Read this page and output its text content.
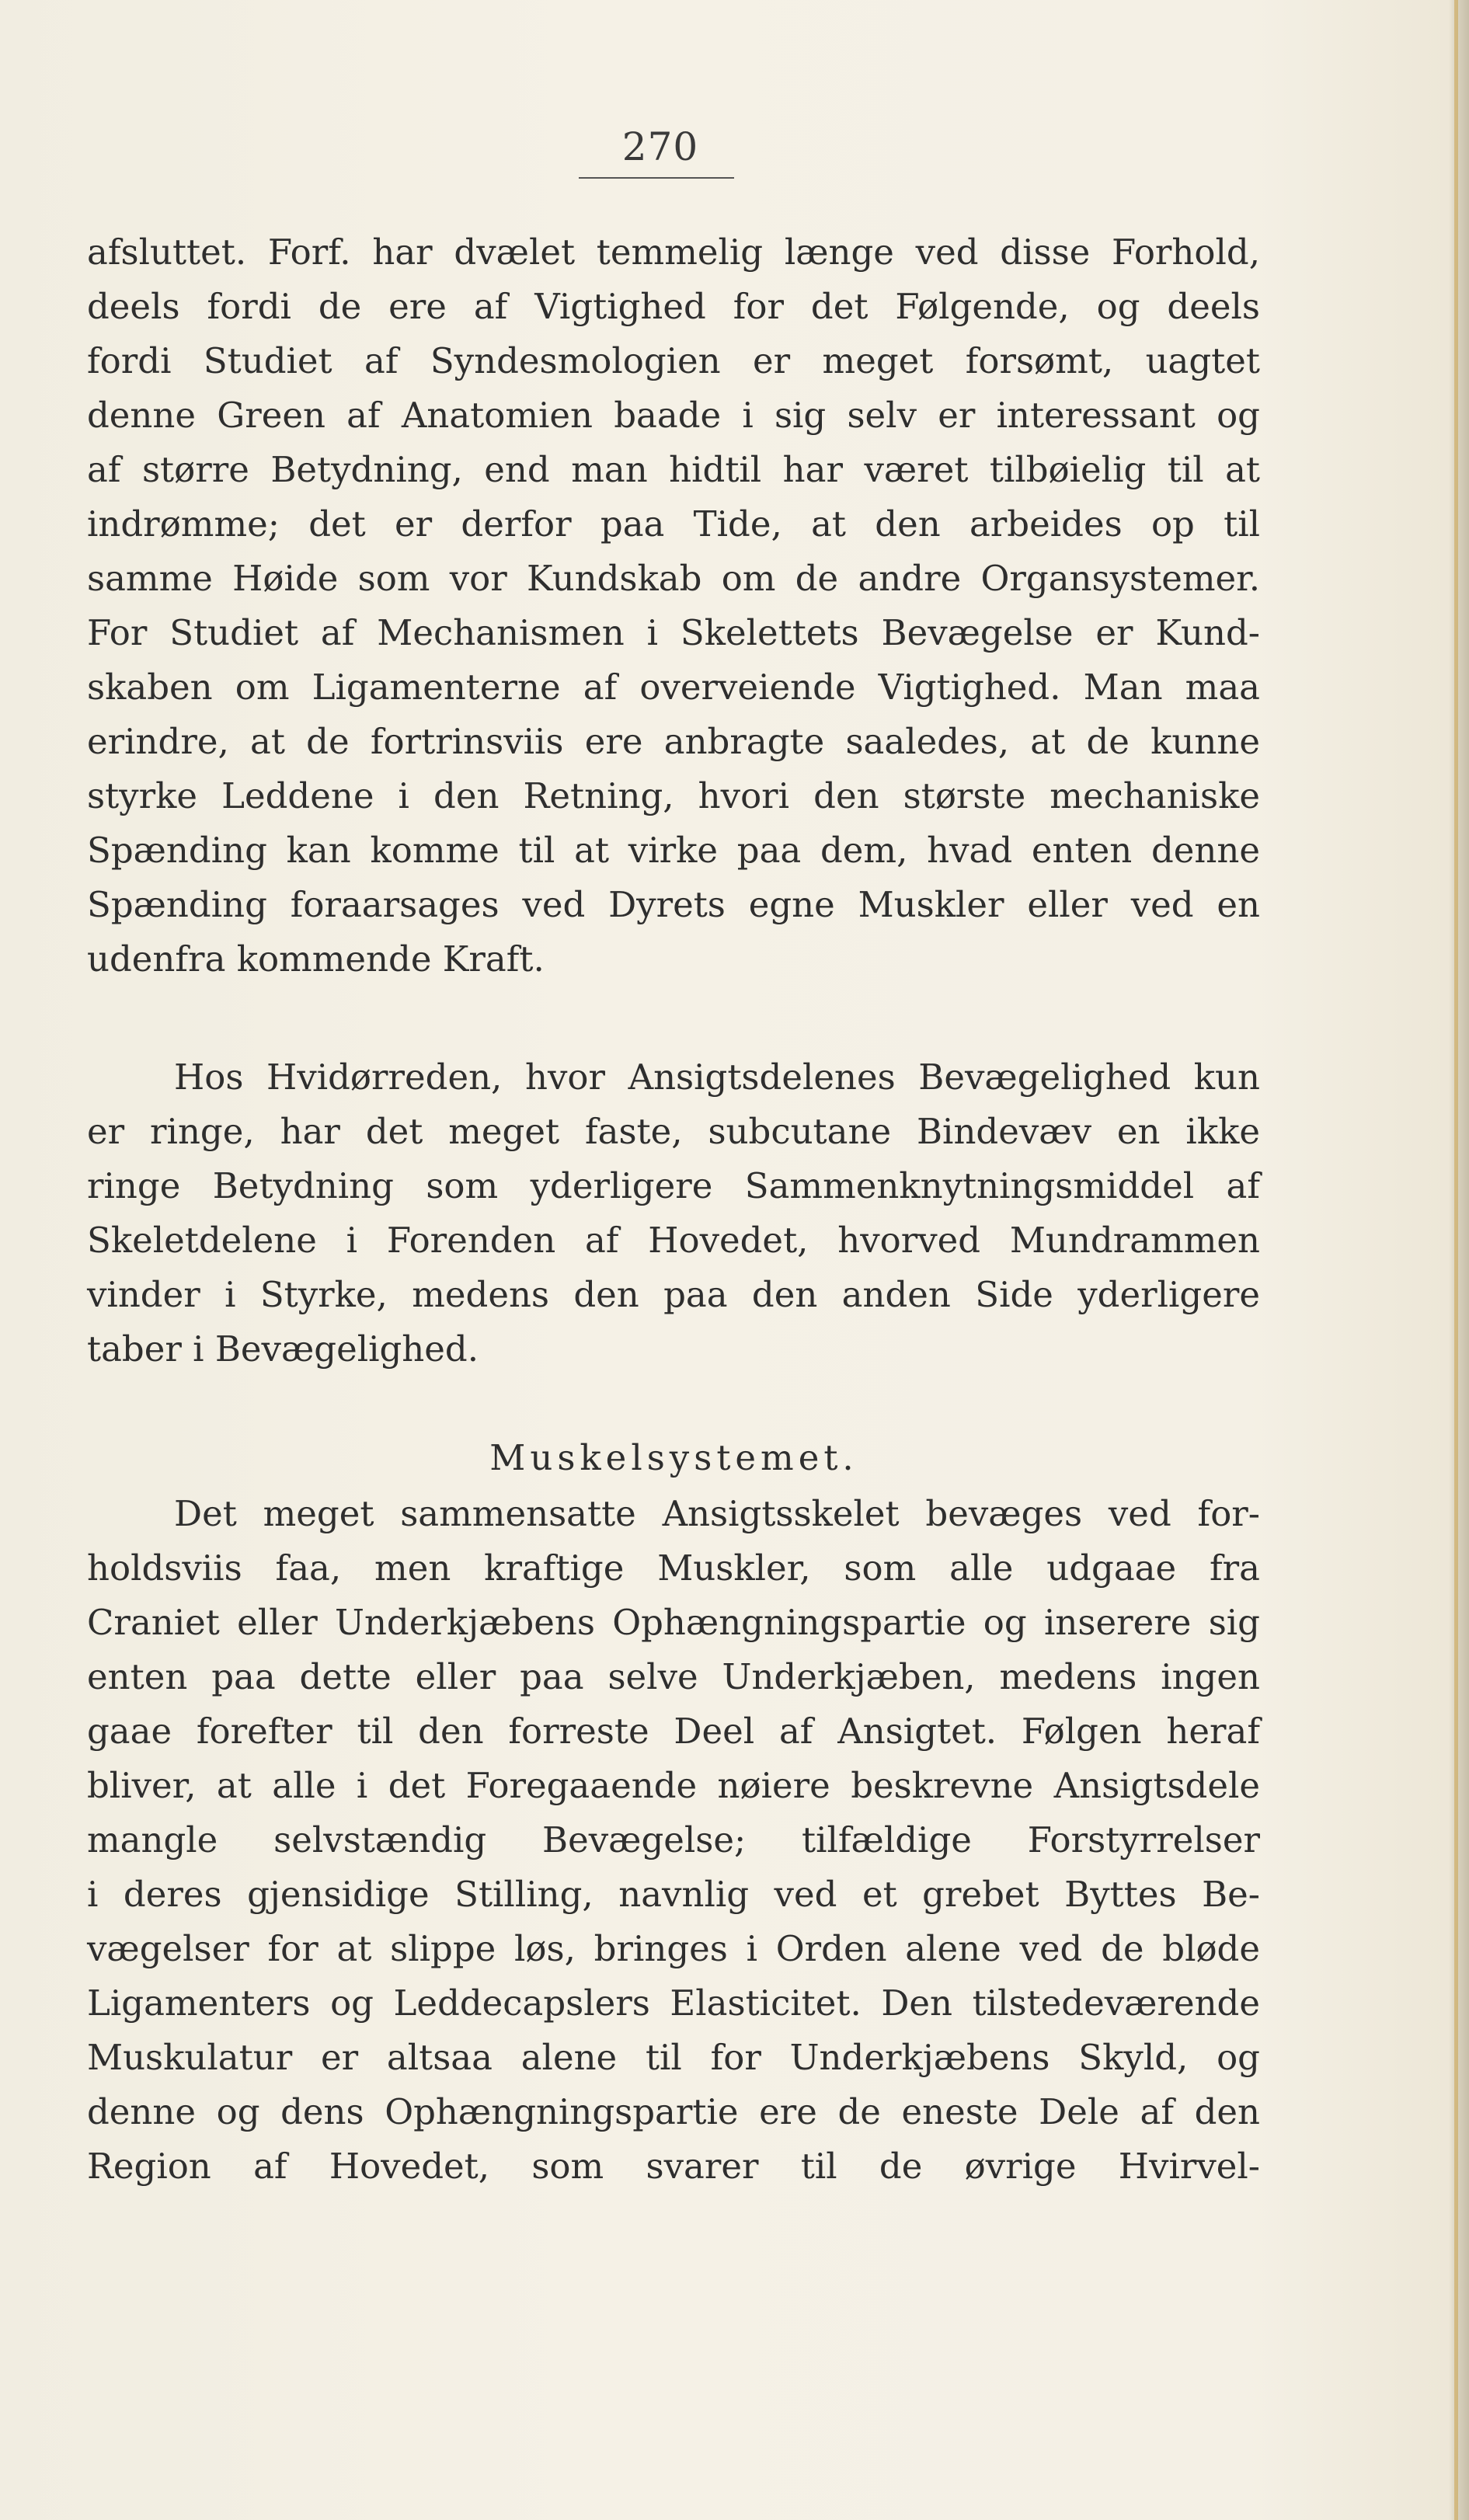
270
afsluttet. Forf. har dvælet temmelig længe ved disse Forhold,
deels fordi de ere af Vigtighed for det Følgende, og deels
fordi Studiet af Syndesmologien er meget forsømt, uagtet
denne Green af Anatomien baade i sig selv er interessant og
af større Betydning, end man hidtil har været tilbøielig til at
indrømme; det er derfor paa Tide, at den arbeides op til
samme Høide som vor Kundskab om de andre Organsystemer.
For Studiet af Mechanismen i Skelettets Bevægelse er Kund-
skaben om Ligamenterne af overveiende Vigtighed. Man maa
erindre, at de fortrinsviis ere anbragte saaledes, at de kunne
styrke Leddene i den Retning, hvori den største mechaniske
Spænding kan komme til at virke paa dem, hvad enten denne
Spænding foraarsages ved Dyrets egne Muskler eller ved en
udenfra kommende Kraft.
Hos Hvidørreden, hvor Ansigtsdelenes Bevægelighed kun
er ringe, har det meget faste, subcutane Bindevæv en ikke
ringe Betydning som yderligere Sammenknytningsmiddel af
Skeletdelene i Forenden af Hovedet, hvorved Mundrammen
vinder i Styrke, medens den paa den anden Side yderligere
taber i Bevægelighed.
Muskelsystemet.
Det meget sammensatte Ansigtsskelet bevæges ved for-
holdsviis faa, men kraftige Muskler, som alle udgaae fra
Craniet eller Underkjæbens Ophængningspartie og inserere sig
enten paa dette eller paa selve Underkjæben, medens ingen
gaae forefter til den forreste Deel af Ansigtet. Følgen heraf
bliver, at alle i det Foregaaende nøiere beskrevne Ansigtsdele
mangle selvstændig Bevægelse; tilfældige Forstyrrelser
i deres gjensidige Stilling, navnlig ved et grebet Byttes Be-
vægelser for at slippe løs, bringes i Orden alene ved de bløde
Ligamenters og Leddecapslers Elasticitet. Den tilstedeværende
Muskulatur er altsaa alene til for Underkjæbens Skyld, og
denne og dens Ophængningspartie ere de eneste Dele af den
Region af Hovedet, som svarer til de øvrige Hvirvel-
